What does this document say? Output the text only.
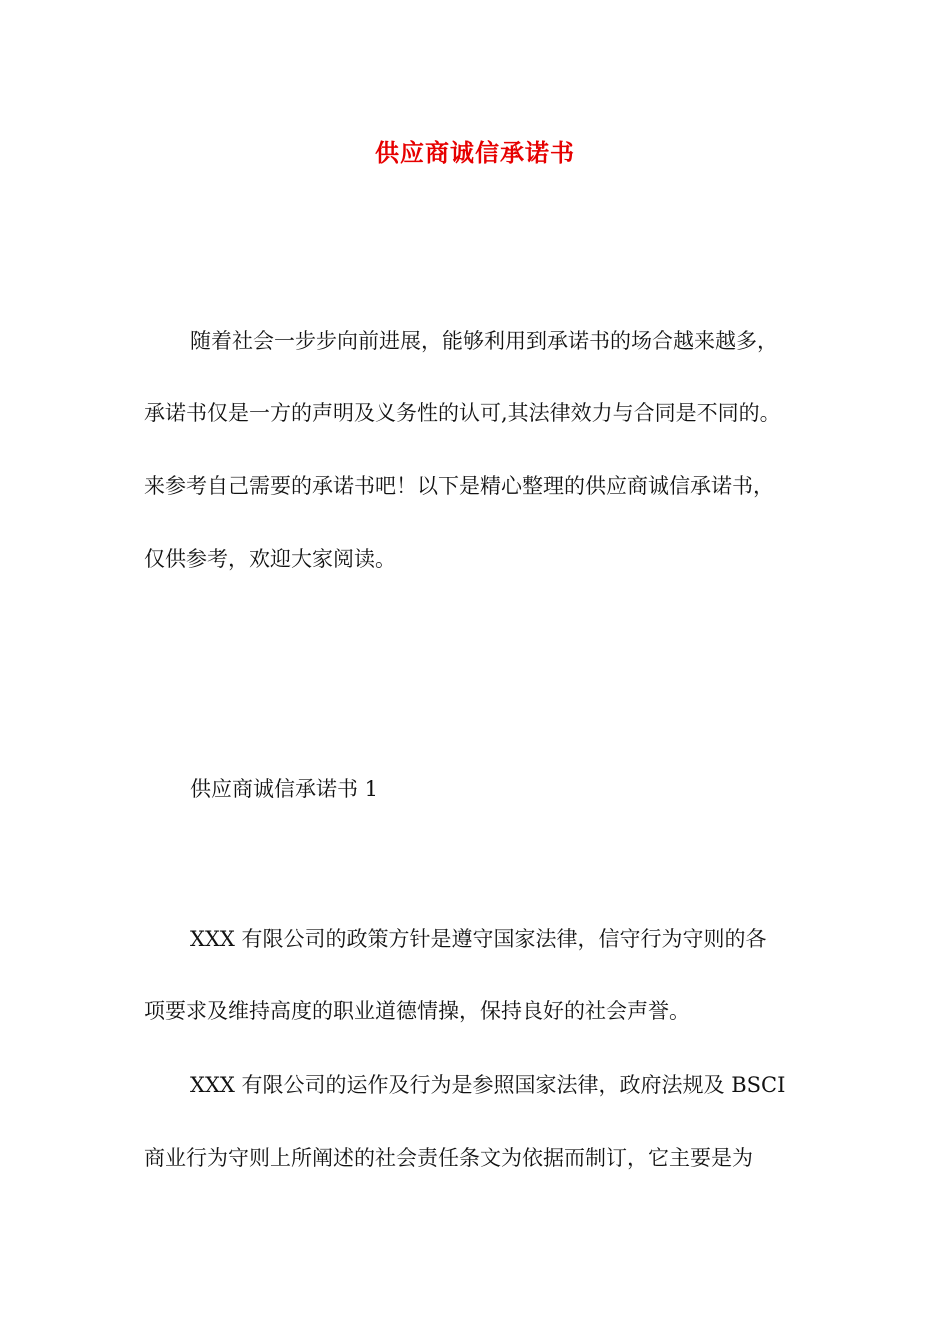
供应商诚信承诺书

随着社会一步步向前进展，能够利用到承诺书的场合越来越多，

承诺书仅是一方的声明及义务性的认可,其法律效力与合同是不同的。

来参考自己需要的承诺书吧！以下是精心整理的供应商诚信承诺书，

仅供参考，欢迎大家阅读。

供应商诚信承诺书 1

XXX 有限公司的政策方针是遵守国家法律，信守行为守则的各

项要求及维持高度的职业道德情操，保持良好的社会声誉。

XXX 有限公司的运作及行为是参照国家法律，政府法规及 BSCI

商业行为守则上所阐述的社会责任条文为依据而制订，它主要是为
